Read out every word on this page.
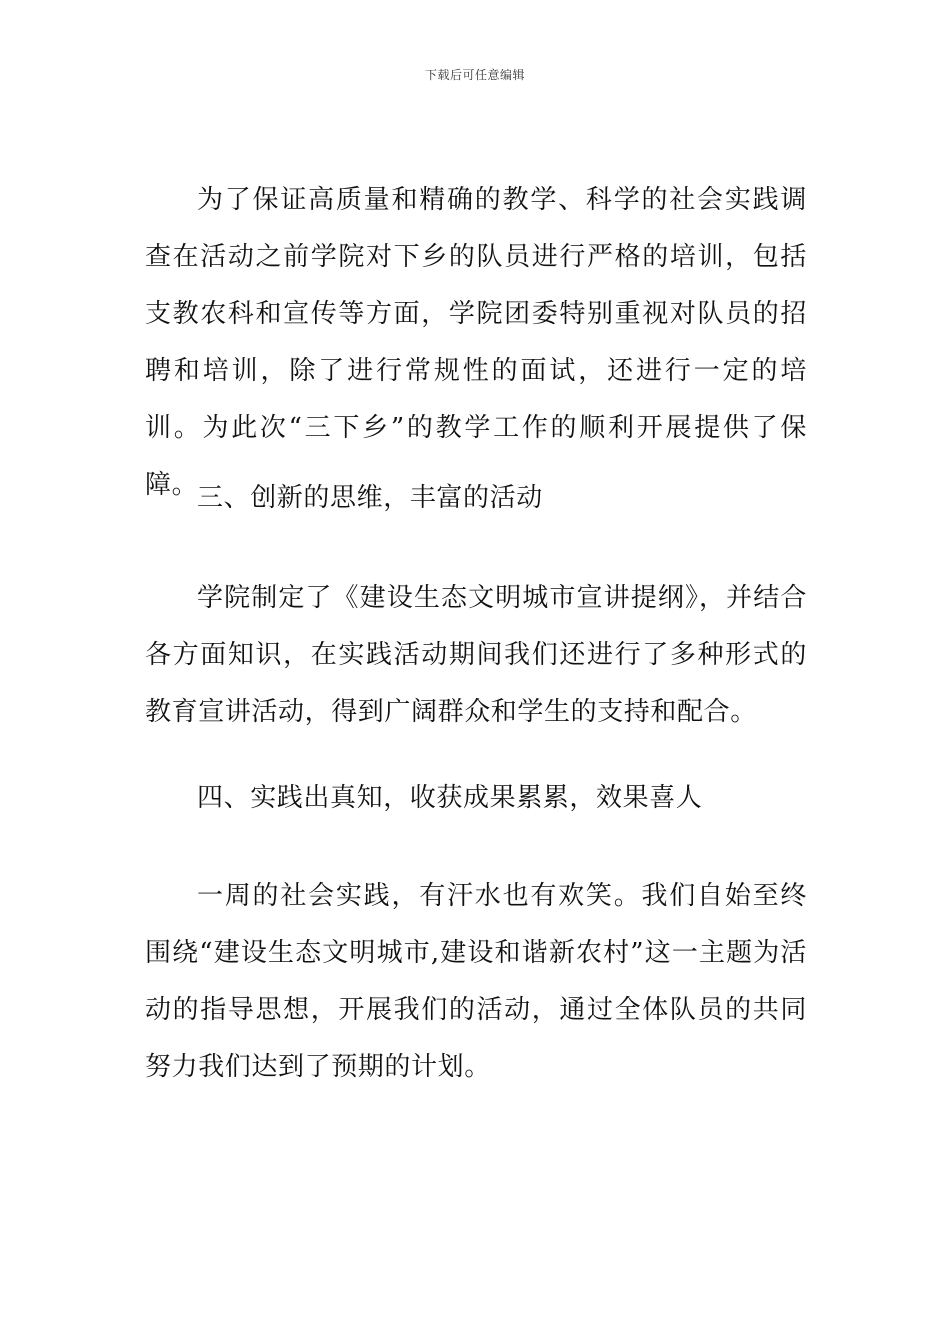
下载后可任意编辑

为了保证高质量和精确的教学、科学的社会实践调查在活动之前学院对下乡的队员进行严格的培训，包括支教农科和宣传等方面，学院团委特别重视对队员的招聘和培训，除了进行常规性的面试，还进行一定的培训。为此次“三下乡”的教学工作的顺利开展提供了保障。

三、创新的思维，丰富的活动

学院制定了《建设生态文明城市宣讲提纲》，并结合各方面知识，在实践活动期间我们还进行了多种形式的教育宣讲活动，得到广阔群众和学生的支持和配合。

四、实践出真知，收获成果累累，效果喜人

一周的社会实践，有汗水也有欢笑。我们自始至终围绕“建设生态文明城市,建设和谐新农村”这一主题为活动的指导思想，开展我们的活动，通过全体队员的共同努力我们达到了预期的计划。
